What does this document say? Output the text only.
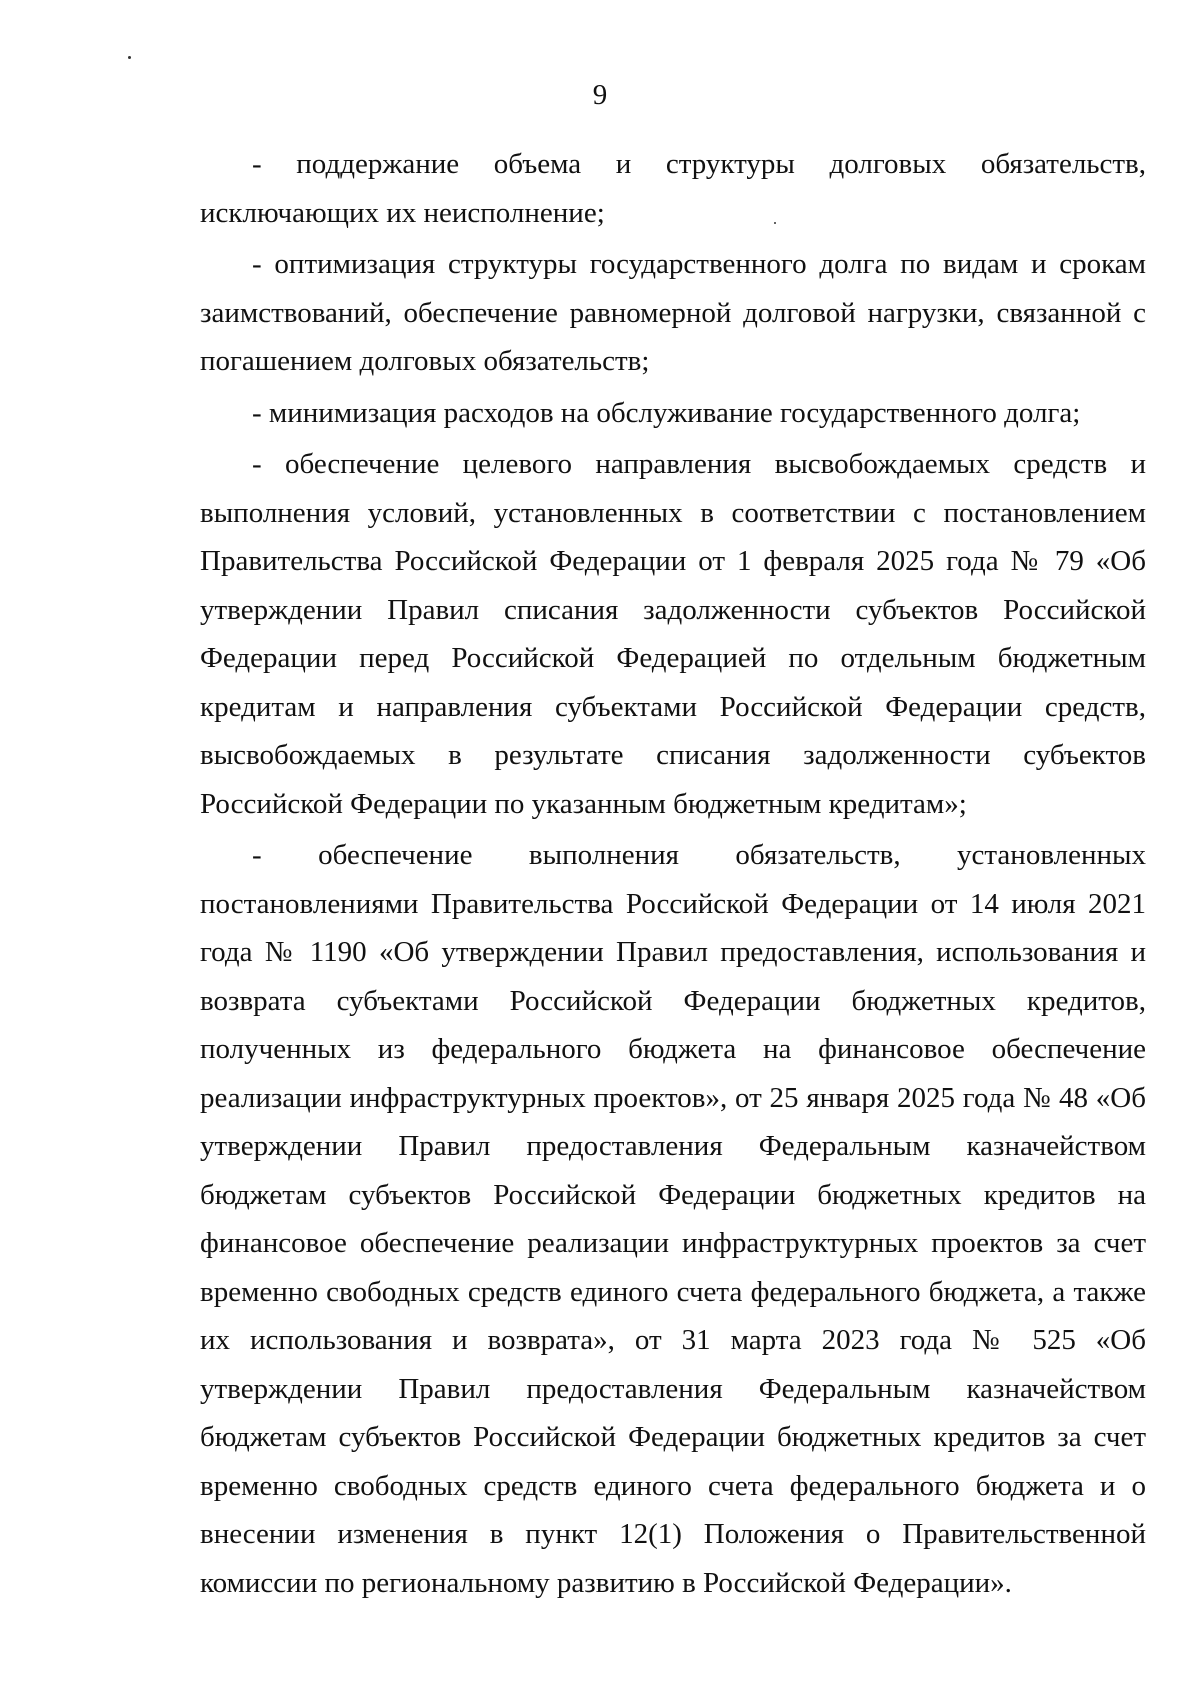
9

- поддержание объема и структуры долговых обязательств, исключающих их неисполнение;

- оптимизация структуры государственного долга по видам и срокам заимствований, обеспечение равномерной долговой нагрузки, связанной с погашением долговых обязательств;

- минимизация расходов на обслуживание государственного долга;

- обеспечение целевого направления высвобождаемых средств и выполнения условий, установленных в соответствии с постановлением Правительства Российской Федерации от 1 февраля 2025 года № 79 «Об утверждении Правил списания задолженности субъектов Российской Федерации перед Российской Федерацией по отдельным бюджетным кредитам и направления субъектами Российской Федерации средств, высвобождаемых в результате списания задолженности субъектов Российской Федерации по указанным бюджетным кредитам»;

- обеспечение выполнения обязательств, установленных постановлениями Правительства Российской Федерации от 14 июля 2021 года № 1190 «Об утверждении Правил предоставления, использования и возврата субъектами Российской Федерации бюджетных кредитов, полученных из федерального бюджета на финансовое обеспечение реализации инфраструктурных проектов», от 25 января 2025 года № 48 «Об утверждении Правил предоставления Федеральным казначейством бюджетам субъектов Российской Федерации бюджетных кредитов на финансовое обеспечение реализации инфраструктурных проектов за счет временно свободных средств единого счета федерального бюджета, а также их использования и возврата», от 31 марта 2023 года № 525 «Об утверждении Правил предоставления Федеральным казначейством бюджетам субъектов Российской Федерации бюджетных кредитов за счет временно свободных средств единого счета федерального бюджета и о внесении изменения в пункт 12(1) Положения о Правительственной комиссии по региональному развитию в Российской Федерации».
